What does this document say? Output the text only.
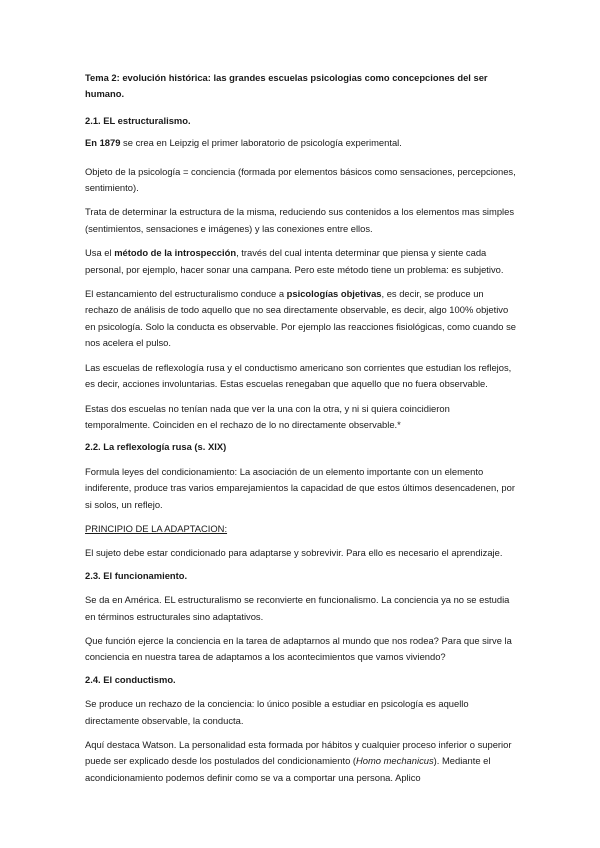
Tema 2: evolución histórica: las grandes escuelas psicologias como concepciones del ser humano.

2.1. EL estructuralismo.

En 1879 se crea en Leipzig el primer laboratorio de psicología experimental.

Objeto de la psicología = conciencia (formada por elementos básicos como sensaciones, percepciones, sentimiento).

Trata de determinar la estructura de la misma, reduciendo sus contenidos a los elementos mas simples (sentimientos, sensaciones e imágenes) y las conexiones entre ellos.

Usa el método de la introspección, través del cual intenta determinar que piensa y siente cada personal, por ejemplo, hacer sonar una campana. Pero este método tiene un problema: es subjetivo.

El estancamiento del estructuralismo conduce a psicologías objetivas, es decir, se produce un rechazo de análisis de todo aquello que no sea directamente observable, es decir, algo 100% objetivo en psicología. Solo la conducta es observable. Por ejemplo las reacciones fisiológicas, como cuando se nos acelera el pulso.

Las escuelas de reflexología rusa y el conductismo americano son corrientes que estudian los reflejos, es decir, acciones involuntarias. Estas escuelas renegaban que aquello que no fuera observable.

Estas dos escuelas no tenían nada que ver la una con la otra, y ni si quiera coincidieron temporalmente. Coinciden en el rechazo de lo no directamente observable.*

2.2. La reflexología rusa (s. XIX)

Formula leyes del condicionamiento: La asociación de un elemento importante con un elemento indiferente, produce tras varios emparejamientos la capacidad de que estos últimos desencadenen, por si solos, un reflejo.

PRINCIPIO DE LA ADAPTACION:

El sujeto debe estar condicionado para adaptarse y sobrevivir. Para ello es necesario el aprendizaje.

2.3. El funcionamiento.

Se da en América. EL estructuralismo se reconvierte en funcionalismo. La conciencia ya no se estudia en términos estructurales sino adaptativos.

Que función ejerce la conciencia en la tarea de adaptarnos al mundo que nos rodea? Para que sirve la conciencia en nuestra tarea de adaptamos a los acontecimientos que vamos viviendo?

2.4. El conductismo.

Se produce un rechazo de la conciencia: lo único posible a estudiar en psicología es aquello directamente observable, la conducta.

Aquí destaca Watson. La personalidad esta formada por hábitos y cualquier proceso inferior o superior puede ser explicado desde los postulados del condicionamiento (Homo mechanicus). Mediante el acondicionamiento podemos definir como se va a comportar una persona. Aplico
